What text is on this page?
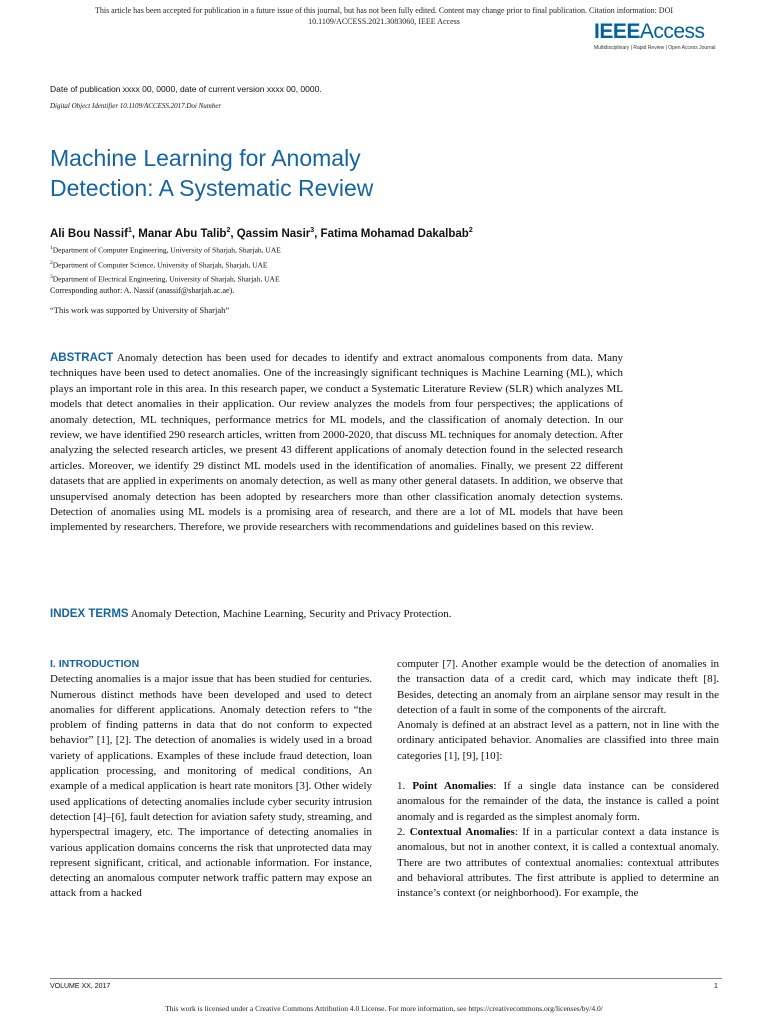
This article has been accepted for publication in a future issue of this journal, but has not been fully edited. Content may change prior to final publication. Citation information: DOI
10.1109/ACCESS.2021.3083060, IEEE Access	IEEEAccess
Multidisciplinary | Rapid Review | Open Access Journal
Date of publication xxxx 00, 0000, date of current version xxxx 00, 0000.
Digital Object Identifier 10.1109/ACCESS.2017.Doi Number
Machine Learning for Anomaly
Detection: A Systematic Review
Ali Bou Nassif$^1$, Manar Abu Talib$^2$, Qassim Nasir$^3$, Fatima Mohamad Dakalbab$^2$
$^1$Department of Computer Engineering, University of Sharjah, Sharjah, UAE
$^2$Department of Computer Science, University of Sharjah, Sharjah, UAE
$^3$Department of Electrical Engineering, University of Sharjah, Sharjah, UAE
Corresponding author: A. Nassif (anassif@sharjah.ac.ae).
“This work was supported by University of Sharjah”
ABSTRACT Anomaly detection has been used for decades to identify and extract anomalous components from data. Many techniques have been used to detect anomalies. One of the increasingly significant techniques is Machine Learning (ML), which plays an important role in this area. In this research paper, we conduct a Systematic Literature Review (SLR) which analyzes ML models that detect anomalies in their application. Our review analyzes the models from four perspectives; the applications of anomaly detection, ML techniques, performance metrics for ML models, and the classification of anomaly detection. In our review, we have identified 290 research articles, written from 2000-2020, that discuss ML techniques for anomaly detection. After analyzing the selected research articles, we present 43 different applications of anomaly detection found in the selected research articles. Moreover, we identify 29 distinct ML models used in the identification of anomalies. Finally, we present 22 different datasets that are applied in experiments on anomaly detection, as well as many other general datasets. In addition, we observe that unsupervised anomaly detection has been adopted by researchers more than other classification anomaly detection systems. Detection of anomalies using ML models is a promising area of research, and there are a lot of ML models that have been implemented by researchers. Therefore, we provide researchers with recommendations and guidelines based on this review.
INDEX TERMS Anomaly Detection, Machine Learning, Security and Privacy Protection.
I. INTRODUCTION

Detecting anomalies is a major issue that has been studied for centuries. Numerous distinct methods have been developed and used to detect anomalies for different applications. Anomaly detection refers to “the problem of finding patterns in data that do not conform to expected behavior” [1], [2]. The detection of anomalies is widely used in a broad variety of applications. Examples of these include fraud detection, loan application processing, and monitoring of medical conditions, An example of a medical application is heart rate monitors [3]. Other widely used applications of detecting anomalies include cyber security intrusion detection [4]–[6], fault detection for aviation safety study, streaming, and hyperspectral imagery, etc. The importance of detecting anomalies in various application domains concerns the risk that unprotected data may represent significant, critical, and actionable information. For instance, detecting an anomalous computer network traffic pattern may expose an attack from a hacked

computer [7]. Another example would be the detection of anomalies in the transaction data of a credit card, which may indicate theft [8]. Besides, detecting an anomaly from an airplane sensor may result in the detection of a fault in some of the components of the aircraft.

Anomaly is defined at an abstract level as a pattern, not in line with the ordinary anticipated behavior. Anomalies are classified into three main categories [1], [9], [10]:

1. Point Anomalies: If a single data instance can be considered anomalous for the remainder of the data, the instance is called a point anomaly and is regarded as the simplest anomaly form.

2. Contextual Anomalies: If in a particular context a data instance is anomalous, but not in another context, it is called a contextual anomaly. There are two attributes of contextual anomalies: contextual attributes and behavioral attributes. The first attribute is applied to determine an instance’s context (or neighborhood). For example, the

VOLUME XX, 2017	1
This work is licensed under a Creative Commons Attribution 4.0 License. For more information, see https://creativecommons.org/licenses/by/4.0/
